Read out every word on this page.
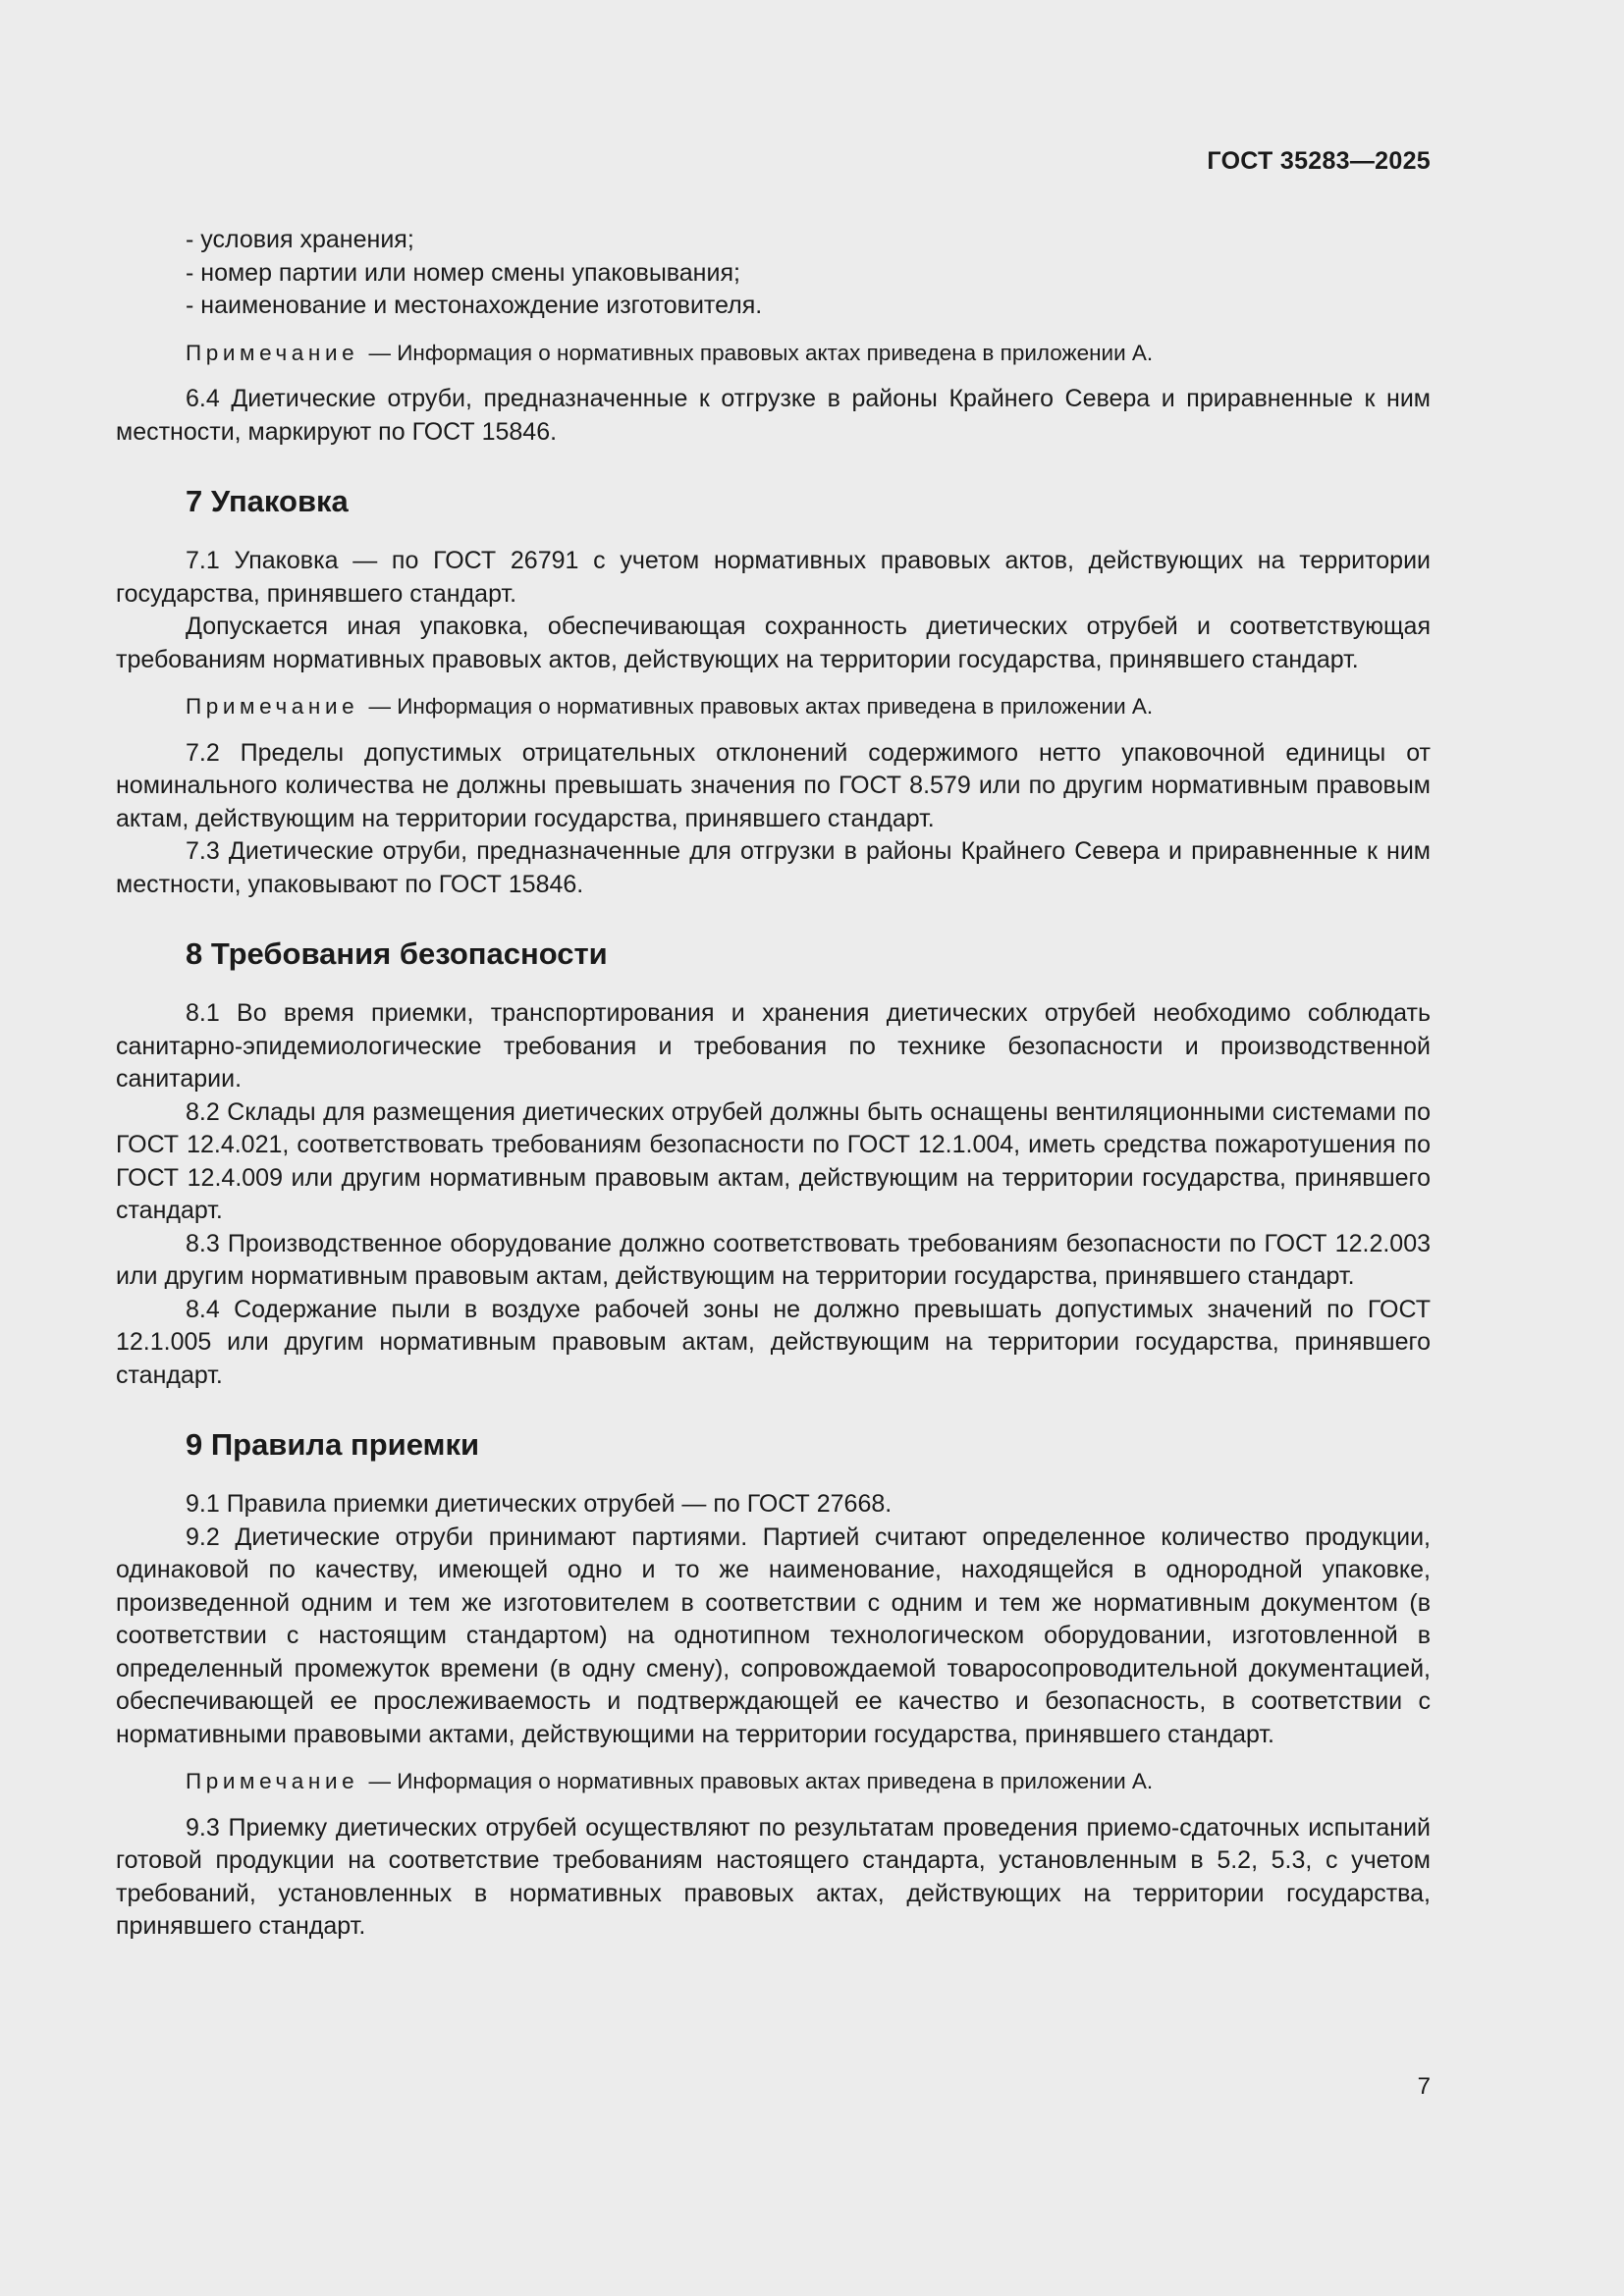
ГОСТ 35283—2025

- условия хранения;

- номер партии или номер смены упаковывания;

- наименование и местонахождение изготовителя.

Примечание — Информация о нормативных правовых актах приведена в приложении А.

6.4 Диетические отруби, предназначенные к отгрузке в районы Крайнего Севера и приравненные к ним местности, маркируют по ГОСТ 15846.

7 Упаковка

7.1 Упаковка — по ГОСТ 26791 с учетом нормативных правовых актов, действующих на территории государства, принявшего стандарт.

Допускается иная упаковка, обеспечивающая сохранность диетических отрубей и соответствующая требованиям нормативных правовых актов, действующих на территории государства, принявшего стандарт.

Примечание — Информация о нормативных правовых актах приведена в приложении А.

7.2 Пределы допустимых отрицательных отклонений содержимого нетто упаковочной единицы от номинального количества не должны превышать значения по ГОСТ 8.579 или по другим нормативным правовым актам, действующим на территории государства, принявшего стандарт.

7.3 Диетические отруби, предназначенные для отгрузки в районы Крайнего Севера и приравненные к ним местности, упаковывают по ГОСТ 15846.

8 Требования безопасности

8.1 Во время приемки, транспортирования и хранения диетических отрубей необходимо соблюдать санитарно-эпидемиологические требования и требования по технике безопасности и производственной санитарии.

8.2 Склады для размещения диетических отрубей должны быть оснащены вентиляционными системами по ГОСТ 12.4.021, соответствовать требованиям безопасности по ГОСТ 12.1.004, иметь средства пожаротушения по ГОСТ 12.4.009 или другим нормативным правовым актам, действующим на территории государства, принявшего стандарт.

8.3 Производственное оборудование должно соответствовать требованиям безопасности по ГОСТ 12.2.003 или другим нормативным правовым актам, действующим на территории государства, принявшего стандарт.

8.4 Содержание пыли в воздухе рабочей зоны не должно превышать допустимых значений по ГОСТ 12.1.005 или другим нормативным правовым актам, действующим на территории государства, принявшего стандарт.

9 Правила приемки

9.1 Правила приемки диетических отрубей — по ГОСТ 27668.

9.2 Диетические отруби принимают партиями. Партией считают определенное количество продукции, одинаковой по качеству, имеющей одно и то же наименование, находящейся в однородной упаковке, произведенной одним и тем же изготовителем в соответствии с одним и тем же нормативным документом (в соответствии с настоящим стандартом) на однотипном технологическом оборудовании, изготовленной в определенный промежуток времени (в одну смену), сопровождаемой товаросопроводительной документацией, обеспечивающей ее прослеживаемость и подтверждающей ее качество и безопасность, в соответствии с нормативными правовыми актами, действующими на территории государства, принявшего стандарт.

Примечание — Информация о нормативных правовых актах приведена в приложении А.

9.3 Приемку диетических отрубей осуществляют по результатам проведения приемо-сдаточных испытаний готовой продукции на соответствие требованиям настоящего стандарта, установленным в 5.2, 5.3, с учетом требований, установленных в нормативных правовых актах, действующих на территории государства, принявшего стандарт.

7
